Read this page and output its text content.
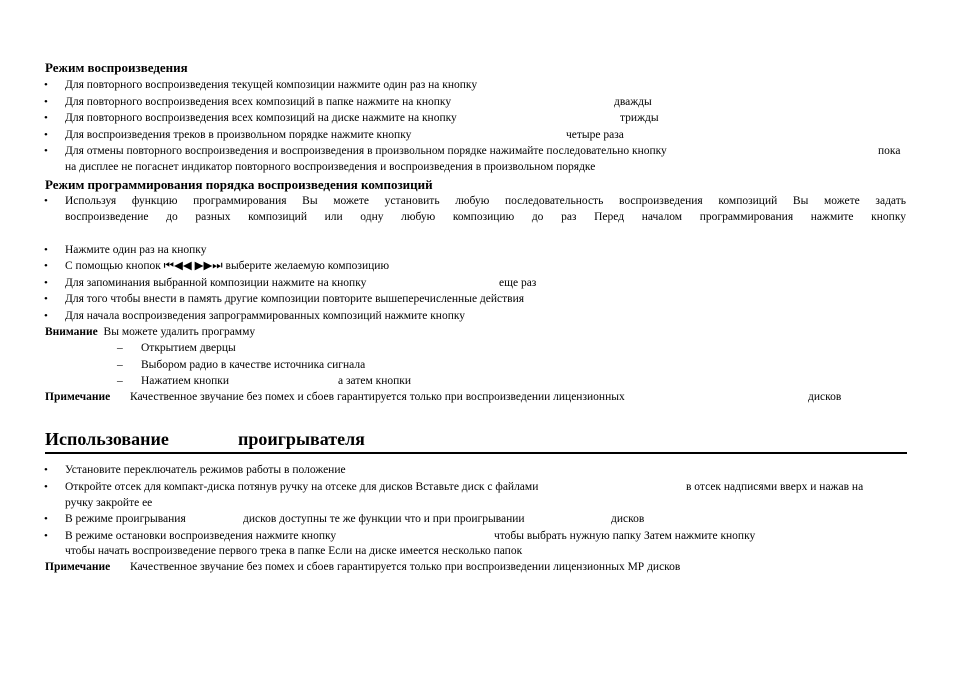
Режим воспроизведения
• Для повторного воспроизведения текущей композиции нажмите один раз на кнопку
• Для повторного воспроизведения всех композиций в папке нажмите на кнопку	дважды
• Для повторного воспроизведения всех композиций на диске нажмите на кнопку	трижды
• Для воспроизведения треков в произвольном порядке нажмите кнопку	четыре раза
• Для отмены повторного воспроизведения и воспроизведения в произвольном порядке нажимайте последовательно кнопку	пока
на дисплее не погаснет индикатор повторного воспроизведения и воспроизведения в произвольном порядке
Режим программирования порядка воспроизведения композиций
• Используя функцию программирования Вы можете установить любую последовательность воспроизведения композиций Вы можете задать
воспроизведение до разных композиций или одну любую композицию до раз Перед началом программирования нажмите кнопку
• Нажмите один раз на кнопку
• С помощью кнопок ⏮◀◀ ▶▶⏭ выберите желаемую композицию
• Для запоминания выбранной композиции нажмите на кнопку	еще раз
• Для того чтобы внести в память другие композиции повторите вышеперечисленные действия
• Для начала воспроизведения запрограммированных композиций нажмите кнопку
Внимание Вы можете удалить программу
– Открытием дверцы
– Выбором радио в качестве источника сигнала
– Нажатием кнопки	а затем кнопки
Примечание Качественное звучание без помех и сбоев гарантируется только при воспроизведении лицензионных	дисков
Использование	проигрывателя
• Установите переключатель режимов работы в положение
• Откройте отсек для компакт-диска потянув ручку на отсеке для дисков Вставьте диск с файлами	в отсек надписями вверх и нажав на
ручку закройте ее
• В режиме проигрывания	дисков доступны те же функции что и при проигрывании	дисков
• В режиме остановки воспроизведения нажмите кнопку	чтобы выбрать нужную папку Затем нажмите кнопку
чтобы начать воспроизведение первого трека в папке Если на диске имеется несколько папок
Примечание Качественное звучание без помех и сбоев гарантируется только при воспроизведении лицензионных МР дисков
